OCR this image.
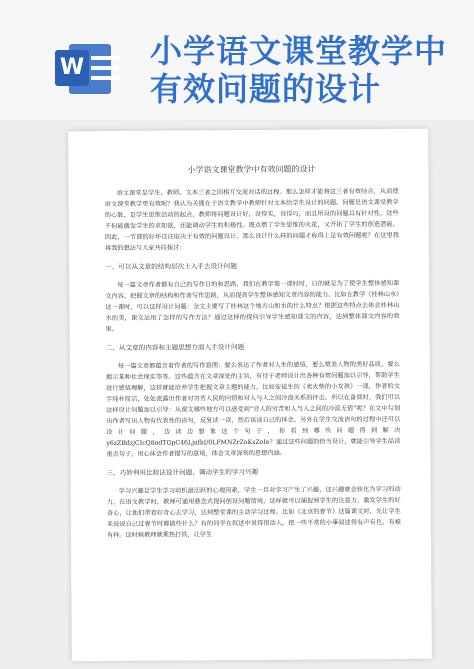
W 小学语文课堂教学中有效问题的设计
小学语文课堂教学中有效问题的设计

语文课堂是学生、教师、文本三者之间相互交流对话的过程。那么怎样才能将这三者有效结合，从而使语文课堂教学更有效呢？我认为关键在于语文教学中教师针对文本给学生设计的问题。问题是语文课堂教学的心脏，是学生思维活动的起点，教师将问题设计好，设得实，设得巧，而且所设的问题具有针对性，这些不但能激发学生的求知欲，还能调动学生的积极性。既点燃了学生思维的火花，又开拓了学生的创造潜能。因此，一节课的好坏往往取决于有效的问题设计。那么设计什么样的问题才称得上是有效问题呢？在这里我将我的想法与大家共同探讨：

一、可以从文章的结构层次上入手去设计问题

每一篇文章作者都有自己的写作目的和思路，我们在教学第一课时时，目的就是为了使学生整体感知课文内容，把握文章的结构和作者写作思路，从而提高学生整体感知文章内容的能力。比如在教学《桂林山水》这一课时，可以这样设计问题：全文主要写了桂林这个地方山和水的什么特点？根据这些特点去体会桂林山水的美，课文运用了怎样的写作方法？通过这样的提问引导学生感知课文的内容，达到整体课文内容的效果。

二、从文章的内容和主题思想方面入手设计问题

每一篇文章都蕴含着作者的写作意图：要么表达了作者对人生的感悟，要么赞美人物的美好品质，要么揭示某种社会现实等等。这些蕴含在文章深处的主旨，有待于老师设计出各种有效问题加以引导，帮助学生进行感悟理解，这样就能培养学生把握文章主题的能力，比如安徒生的《卖火柴的小女孩》一课，作者的文字纯朴简洁，处处流露出作者对穷苦人民的同情和对人与人之间冷漠关系的抨击。所以在备课时，我们可以这样设计问题加以引导：从课文哪些地方可以感受到“穷人的穷苦和人与人之间的冷漠无情”呢？在文中勾划出作者写出人物有代表性的语句，反复读一读，然后谈谈自己的体会。另外在学生交流语句的过程中还可以设计问题，边读边想象这个句子，你看到哪些问题得到解决y6zZBdzjCIcQ8odTGpC46LjafkI/0LFMNZrZoKsZoIe？通过这些问题的恰当设计，就能引导学生品读重点句子，用心体会作者描写的意境，体会文章深刻的思想内涵。

三、巧妙利用比较法设计问题，调动学生的学习兴趣

学习兴趣是学生学习动机最活跃的心理因素，学生一旦对学习产生了兴趣，这兴趣就会转化为学习的动力，在语文教学时，教师可通用悬念式提问创设问题情境，这样就可以捕捉到学生的注意力，激发学生的好奇心，让他们带着好奇心去学习，达到整堂课的主动学习过程。比如《北京的春节》这篇课文时，先让学生来说说自己过春节时都做些什么？有的同学在叙述中说得很动人，把一些平常的小事叙述得有声有色，有模有样。这时候教师就乘热打铁，让学生
